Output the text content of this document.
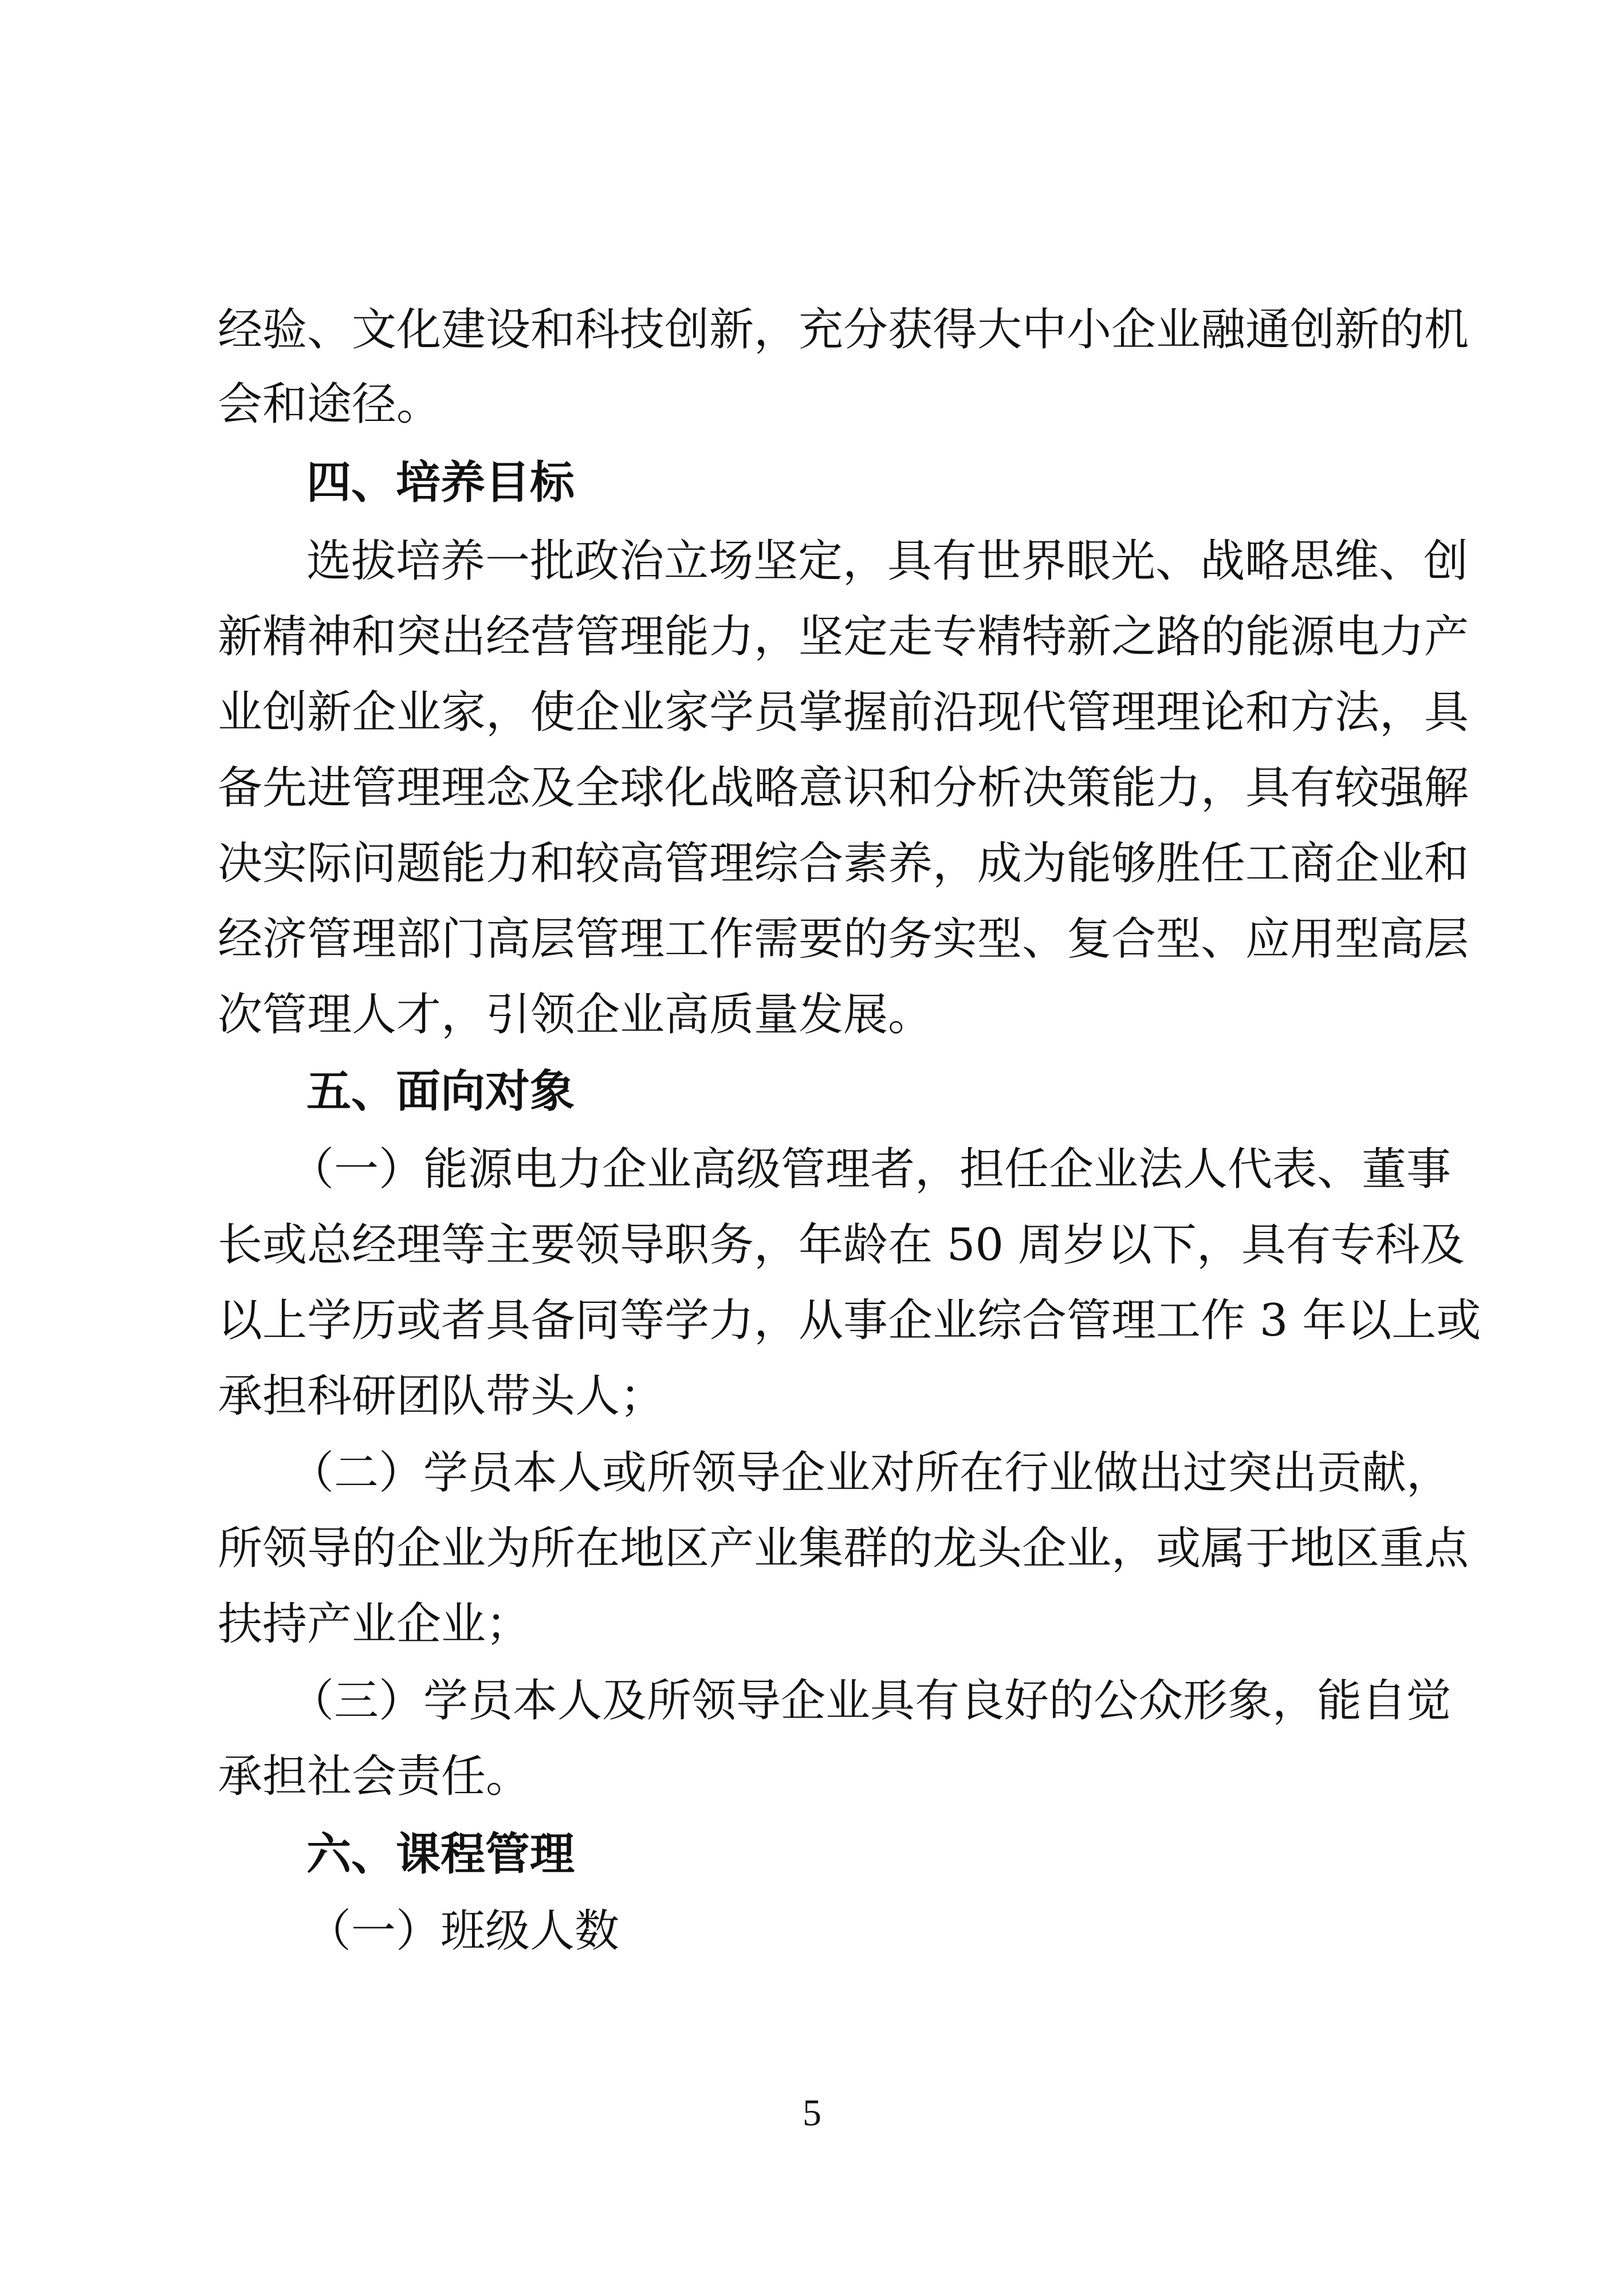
经验、文化建设和科技创新，充分获得大中小企业融通创新的机
会和途径。
四、培养目标
选拔培养一批政治立场坚定，具有世界眼光、战略思维、创
新精神和突出经营管理能力，坚定走专精特新之路的能源电力产
业创新企业家，使企业家学员掌握前沿现代管理理论和方法，具
备先进管理理念及全球化战略意识和分析决策能力，具有较强解
决实际问题能力和较高管理综合素养，成为能够胜任工商企业和
经济管理部门高层管理工作需要的务实型、复合型、应用型高层
次管理人才，引领企业高质量发展。
五、面向对象
（一）能源电力企业高级管理者，担任企业法人代表、董事
长或总经理等主要领导职务，年龄在 50 周岁以下，具有专科及
以上学历或者具备同等学力，从事企业综合管理工作 3 年以上或
承担科研团队带头人；
（二）学员本人或所领导企业对所在行业做出过突出贡献，
所领导的企业为所在地区产业集群的龙头企业，或属于地区重点
扶持产业企业；
（三）学员本人及所领导企业具有良好的公众形象，能自觉
承担社会责任。
六、课程管理
（一）班级人数
5
